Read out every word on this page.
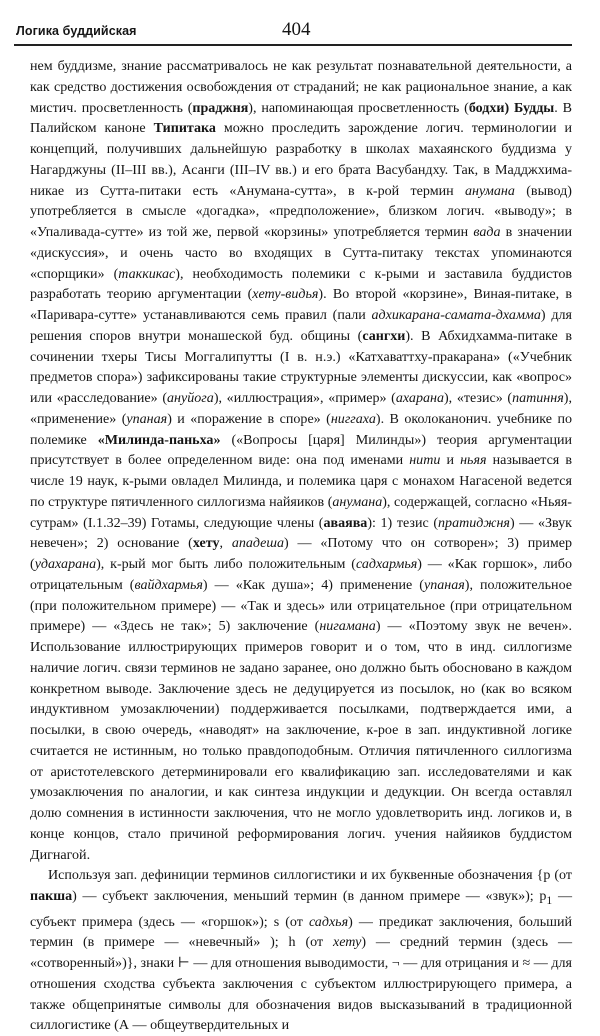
Логика буддийская	404

нем буддизме, знание рассматривалось не как результат познавательной деятельности, а как средство достижения освобождения от страданий; не как рациональное знание, а как мистич. просветленность (праджня), напоминающая просветленность (бодхи) Будды. В Палийском каноне Типитака можно проследить зарождение логич. терминологии и концепций, получивших дальнейшую разработку в школах махаянского буддизма у Нагарджуны (II–III вв.), Асанги (III–IV вв.) и его брата Васубандху. Так, в Мадджхима-никае из Сутта-питаки есть «Анумана-сутта», в к-рой термин анумана (вывод) употребляется в смысле «догадка», «предположение», близком логич. «выводу»; в «Упаливада-сутте» из той же, первой «корзины» употребляется термин вада в значении «дискуссия», и очень часто во входящих в Сутта-питаку текстах упоминаются «спорщики» (таккикас), необходимость полемики с к-рыми и заставила буддистов разработать теорию аргументации (хету-видья). Во второй «корзине», Виная-питаке, в «Паривара-сутте» устанавливаются семь правил (пали адхикарана-самата-дхамма) для решения споров внутри монашеской буд. общины (сангхи). В Абхидхамма-питаке в сочинении тхеры Тисы Моггалипутты (I в. н.э.) «Катхаваттху-пракарана» («Учебник предметов спора») зафиксированы такие структурные элементы дискуссии, как «вопрос» или «расследование» (ануйога), «иллюстрация», «пример» (ахарана), «тезис» (патиння), «применение» (упаная) и «поражение в споре» (ниггаха). В околоканонич. учебнике по полемике «Милинда-паньха» («Вопросы [царя] Милинды») теория аргументации присутствует в более определенном виде: она под именами нити и ньяя называется в числе 19 наук, к-рыми овладел Милинда, и полемика царя с монахом Нагасеной ведется по структуре пятичленного силлогизма найяиков (анумана), содержащей, согласно «Ньяя-сутрам» (I.1.32–39) Готамы, следующие члены (аваява): 1) тезис (пратиджня) — «Звук невечен»; 2) основание (хету, ападеша) — «Потому что он сотворен»; 3) пример (удахарана), к-рый мог быть либо положительным (садхармья) — «Как горшок», либо отрицательным (вайдхармья) — «Как душа»; 4) применение (упаная), положительное (при положительном примере) — «Так и здесь» или отрицательное (при отрицательном примере) — «Здесь не так»; 5) заключение (нигамана) — «Поэтому звук не вечен». Использование иллюстрирующих примеров говорит и о том, что в инд. силлогизме наличие логич. связи терминов не задано заранее, оно должно быть обосновано в каждом конкретном выводе. Заключение здесь не дедуцируется из посылок, но (как во всяком индуктивном умозаключении) поддерживается посылками, подтверждается ими, а посылки, в свою очередь, «наводят» на заключение, к-рое в зап. индуктивной логике считается не истинным, но только правдоподобным. Отличия пятичленного силлогизма от аристотелевского детерминировали его квалификацию зап. исследователями и как умозаключения по аналогии, и как синтеза индукции и дедукции. Он всегда оставлял долю сомнения в истинности заключения, что не могло удовлетворить инд. логиков и, в конце концов, стало причиной реформирования логич. учения найяиков буддистом Дигнагой.

Используя зап. дефиниции терминов силлогистики и их буквенные обозначения {p (от пакша) — субъект заключения, меньший термин (в данном примере — «звук»); $p_1$ — субъект примера (здесь — «горшок»); s (от садхья) — предикат заключения, больший термин (в примере — «невечный» ); h (от хету) — средний термин (здесь — «сотворенный»)}, знаки ⊢ — для отношения выводимости, ¬ — для отрицания и ≈ — для отношения сходства субъекта заключения с субъектом иллюстрирующего примера, а также общепринятые символы для обозначения видов высказываний в традиционной силлогистике (А — общеутвердительных и
